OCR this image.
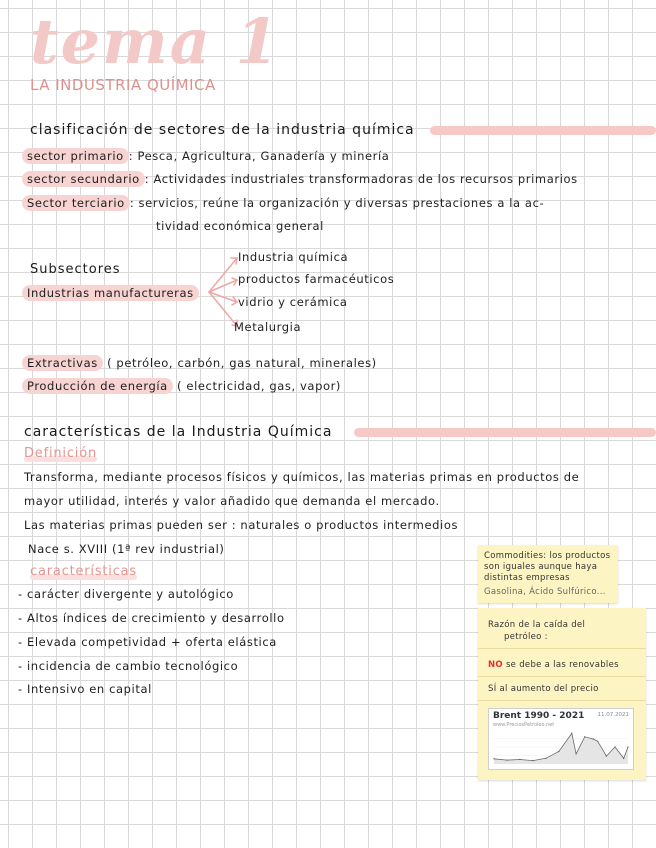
tema 1
LA INDUSTRIA QUÍMICA
clasificación de sectores de la industria química
sector primario : Pesca, Agricultura, Ganadería y minería
sector secundario : Actividades industriales transformadoras de los recursos primarios
Sector terciario : servicios, reúne la organización y diversas prestaciones a la ac-
tividad económica general
Subsectores
Industrias manufactureras
Industria química
productos farmacéuticos
vidrio y cerámica
Metalurgia
Extractivas ( petróleo, carbón, gas natural, minerales)
Producción de energía ( electricidad, gas, vapor)
características de la Industria Química
Definición
Transforma, mediante procesos físicos y químicos, las materias primas en productos de
mayor utilidad, interés y valor añadido que demanda el mercado.
Las materias primas pueden ser : naturales o productos intermedios
Nace s. XVIII (1ª rev industrial)
características
- carácter divergente y autológico
- Altos índices de crecimiento y desarrollo
- Elevada competividad + oferta elástica
- incidencia de cambio tecnológico
- Intensivo en capital
Commodities: los productos
son iguales aunque haya
distintas empresas
Gasolina, Ácido Sulfúrico...
Razón de la caída del
petróleo :
NO se debe a las renovables
SÍ al aumento del precio
Brent 1990 - 2021 11.07.2021
www.PreciosPetroleo.net
